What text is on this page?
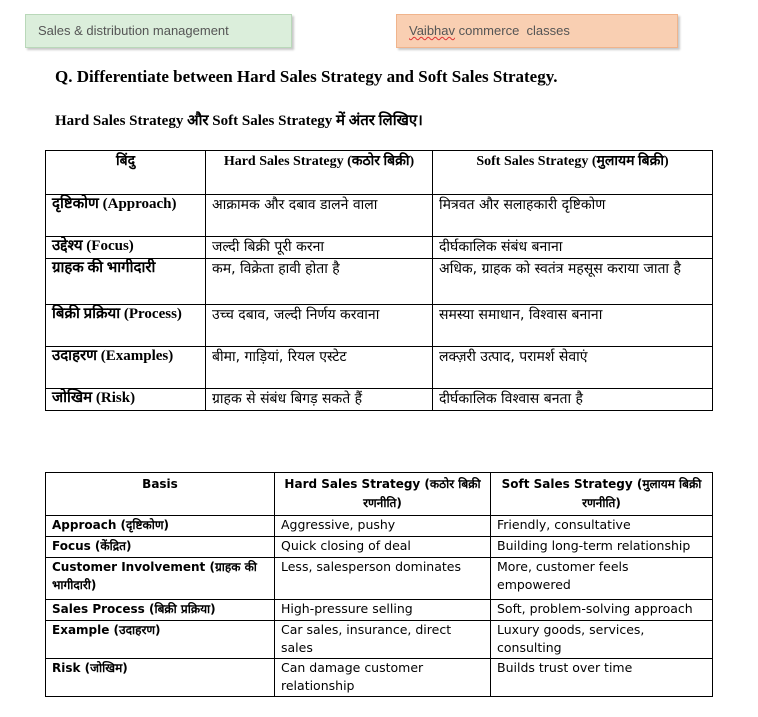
Sales & distribution management	Vaibhav commerce  classes
Q. Differentiate between Hard Sales Strategy and Soft Sales Strategy.
Hard Sales Strategy और Soft Sales Strategy में अंतर लिखिए।
बिंदु	Hard Sales Strategy (कठोर बिक्री)	Soft Sales Strategy (मुलायम बिक्री)
दृष्टिकोण (Approach)	आक्रामक और दबाव डालने वाला	मित्रवत और सलाहकारी दृष्टिकोण
उद्देश्य (Focus)	जल्दी बिक्री पूरी करना	दीर्घकालिक संबंध बनाना
ग्राहक की भागीदारी	कम, विक्रेता हावी होता है	अधिक, ग्राहक को स्वतंत्र महसूस कराया जाता है
बिक्री प्रक्रिया (Process)	उच्च दबाव, जल्दी निर्णय करवाना	समस्या समाधान, विश्वास बनाना
उदाहरण (Examples)	बीमा, गाड़ियां, रियल एस्टेट	लक्ज़री उत्पाद, परामर्श सेवाएं
जोखिम (Risk)	ग्राहक से संबंध बिगड़ सकते हैं	दीर्घकालिक विश्वास बनता है
Basis	Hard Sales Strategy (कठोर बिक्री रणनीति)	Soft Sales Strategy (मुलायम बिक्री रणनीति)
Approach (दृष्टिकोण)	Aggressive, pushy	Friendly, consultative
Focus (केंद्रित)	Quick closing of deal	Building long-term relationship
Customer Involvement (ग्राहक की भागीदारी)	Less, salesperson dominates	More, customer feels empowered
Sales Process (बिक्री प्रक्रिया)	High-pressure selling	Soft, problem-solving approach
Example (उदाहरण)	Car sales, insurance, direct sales	Luxury goods, services, consulting
Risk (जोखिम)	Can damage customer relationship	Builds trust over time
